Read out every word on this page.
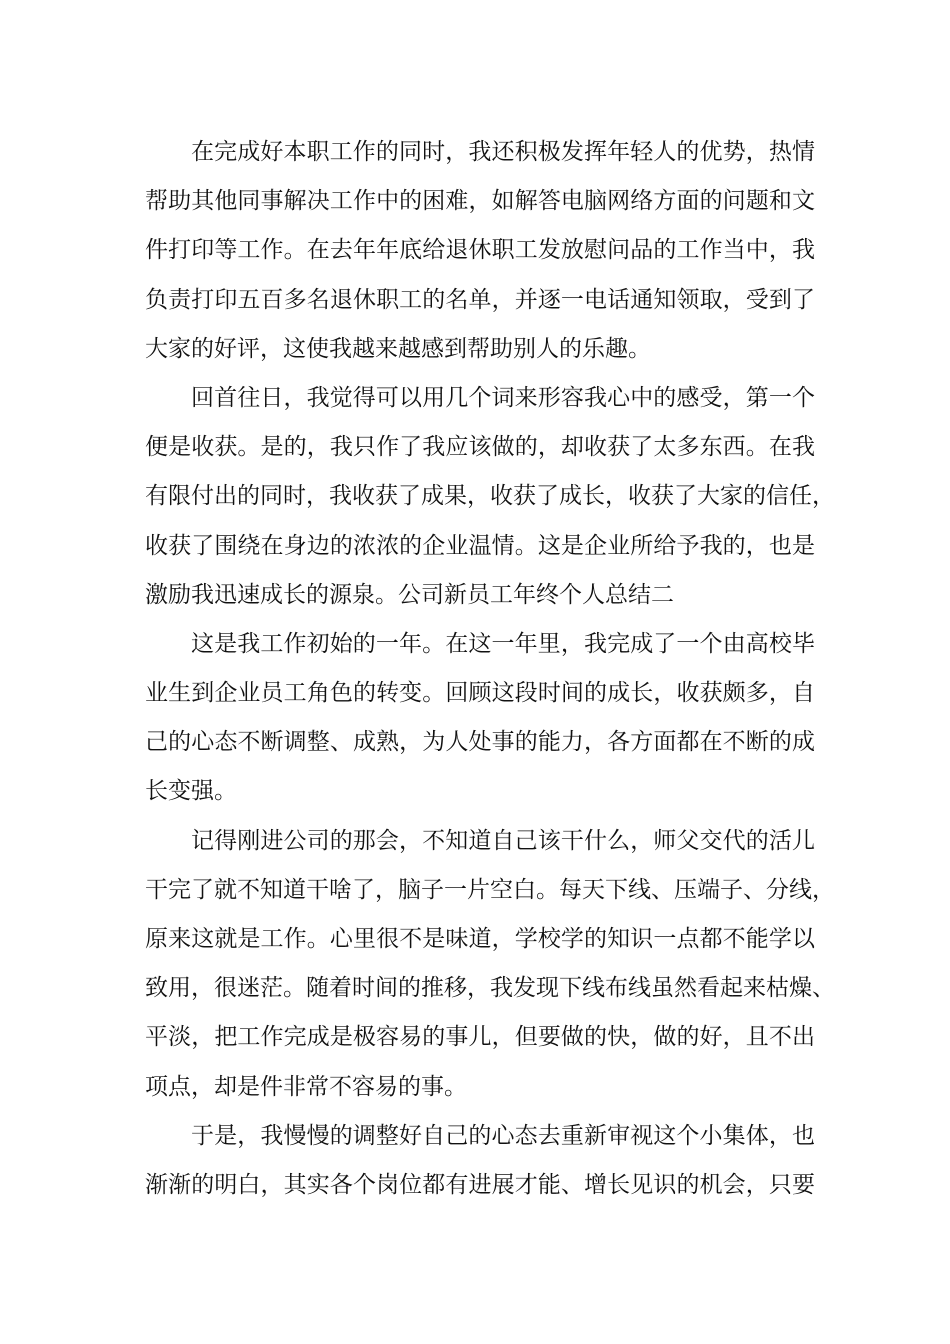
在完成好本职工作的同时，我还积极发挥年轻人的优势，热情
帮助其他同事解决工作中的困难，如解答电脑网络方面的问题和文
件打印等工作。在去年年底给退休职工发放慰问品的工作当中，我
负责打印五百多名退休职工的名单，并逐一电话通知领取，受到了
大家的好评，这使我越来越感到帮助别人的乐趣。
回首往日，我觉得可以用几个词来形容我心中的感受，第一个
便是收获。是的，我只作了我应该做的，却收获了太多东西。在我
有限付出的同时，我收获了成果，收获了成长，收获了大家的信任，
收获了围绕在身边的浓浓的企业温情。这是企业所给予我的，也是
激励我迅速成长的源泉。公司新员工年终个人总结二
这是我工作初始的一年。在这一年里，我完成了一个由高校毕
业生到企业员工角色的转变。回顾这段时间的成长，收获颇多，自
己的心态不断调整、成熟，为人处事的能力，各方面都在不断的成
长变强。
记得刚进公司的那会，不知道自己该干什么，师父交代的活儿
干完了就不知道干啥了，脑子一片空白。每天下线、压端子、分线，
原来这就是工作。心里很不是味道，学校学的知识一点都不能学以
致用，很迷茫。随着时间的推移，我发现下线布线虽然看起来枯燥、
平淡，把工作完成是极容易的事儿，但要做的快，做的好，且不出
项点，却是件非常不容易的事。
于是，我慢慢的调整好自己的心态去重新审视这个小集体，也
渐渐的明白，其实各个岗位都有进展才能、增长见识的机会，只要
